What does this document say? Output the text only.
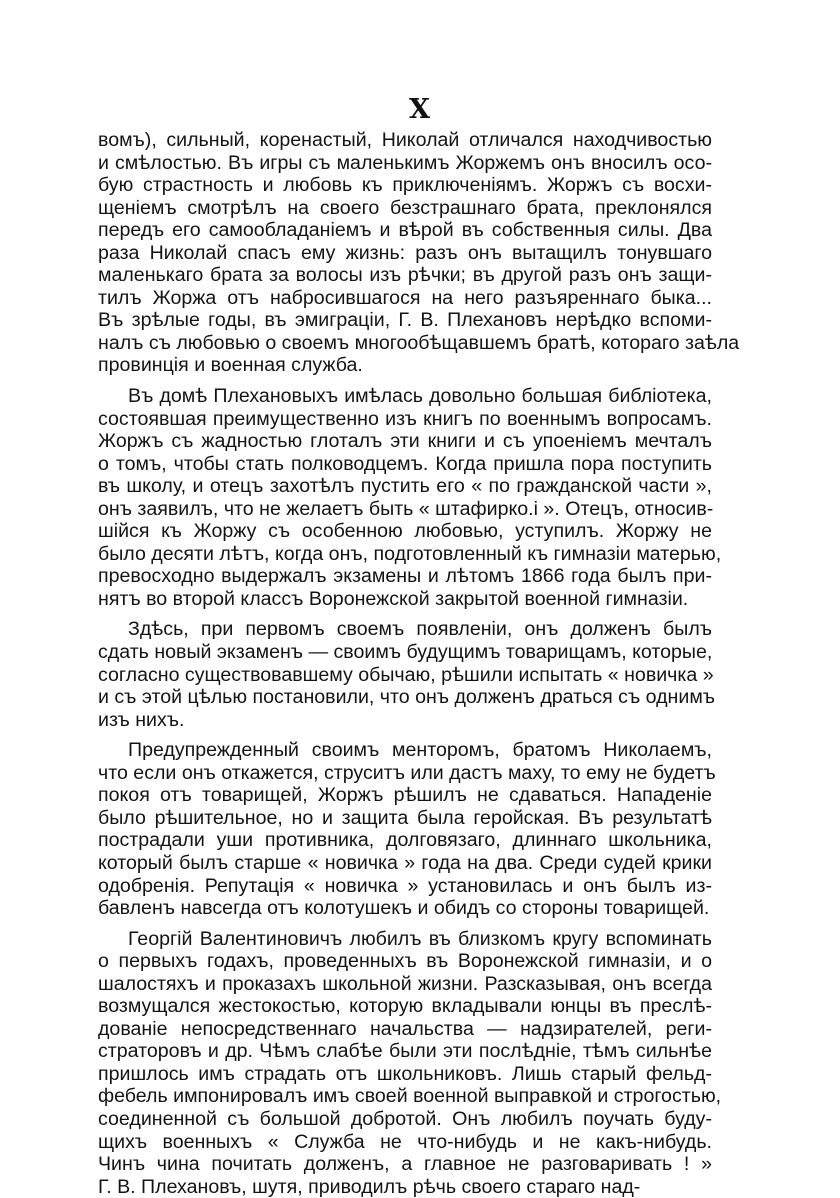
X
вомъ), сильный, коренастый, Николай отличался находчивостью
и смѣлостью. Въ игры съ маленькимъ Жоржемъ онъ вносилъ осо-
бую страстность и любовь къ приключеніямъ. Жоржъ съ восхи-
щеніемъ смотрѣлъ на своего безстрашнаго брата, преклонялся
передъ его самообладаніемъ и вѣрой въ собственныя силы. Два
раза Николай спасъ ему жизнь: разъ онъ вытащилъ тонувшаго
маленькаго брата за волосы изъ рѣчки; въ другой разъ онъ защи-
тилъ Жоржа отъ набросившагося на него разъяреннаго быка...
Въ зрѣлые годы, въ эмиграціи, Г. В. Плехановъ нерѣдко вспоми-
налъ съ любовью о своемъ многообѣщавшемъ братѣ, котораго заѣла
провинція и военная служба.
Въ домѣ Плехановыхъ имѣлась довольно большая библіотека,
состоявшая преимущественно изъ книгъ по военнымъ вопросамъ.
Жоржъ съ жадностью глоталъ эти книги и съ упоеніемъ мечталъ
о томъ, чтобы стать полководцемъ. Когда пришла пора поступить
въ школу, и отецъ захотѣлъ пустить его « по гражданской части »,
онъ заявилъ, что не желаетъ быть « штафирко.i ». Отецъ, относив-
шійся къ Жоржу съ особенною любовью, уступилъ. Жоржу не
было десяти лѣтъ, когда онъ, подготовленный къ гимназіи матерью,
превосходно выдержалъ экзамены и лѣтомъ 1866 года былъ при-
нятъ во второй классъ Воронежской закрытой военной гимназіи.
Здѣсь, при первомъ своемъ появленіи, онъ долженъ былъ
сдать новый экзаменъ — своимъ будущимъ товарищамъ, которые,
согласно существовавшему обычаю, рѣшили испытать « новичка »
и съ этой цѣлью постановили, что онъ долженъ драться съ однимъ
изъ нихъ.
Предупрежденный своимъ менторомъ, братомъ Николаемъ,
что если онъ откажется, струситъ или дастъ маху, то ему не будетъ
покоя отъ товарищей, Жоржъ рѣшилъ не сдаваться. Нападеніе
было рѣшительное, но и защита была геройская. Въ результатѣ
пострадали уши противника, долговязаго, длиннаго школьника,
который былъ старше « новичка » года на два. Среди судей крики
одобренія. Репутація « новичка » установилась и онъ былъ из-
бавленъ навсегда отъ колотушекъ и обидъ со стороны товарищей.
Георгій Валентиновичъ любилъ въ близкомъ кругу вспоминать
о первыхъ годахъ, проведенныхъ въ Воронежской гимназіи, и о
шалостяхъ и проказахъ школьной жизни. Разсказывая, онъ всегда
возмущался жестокостью, которую вкладывали юнцы въ преслѣ-
дованіе непосредственнаго начальства — надзирателей, реги-
страторовъ и др. Чѣмъ слабѣе были эти послѣдніе, тѣмъ сильнѣе
пришлось имъ страдать отъ школьниковъ. Лишь старый фельд-
фебель импонировалъ имъ своей военной выправкой и строгостью,
соединенной съ большой добротой. Онъ любилъ поучать буду-
щихъ военныхъ « Служба не что-нибудь и не какъ-нибудь.
Чинъ чина почитать долженъ, а главное не разговаривать ! »
Г. В. Плехановъ, шутя, приводилъ рѣчь своего стараго над-
